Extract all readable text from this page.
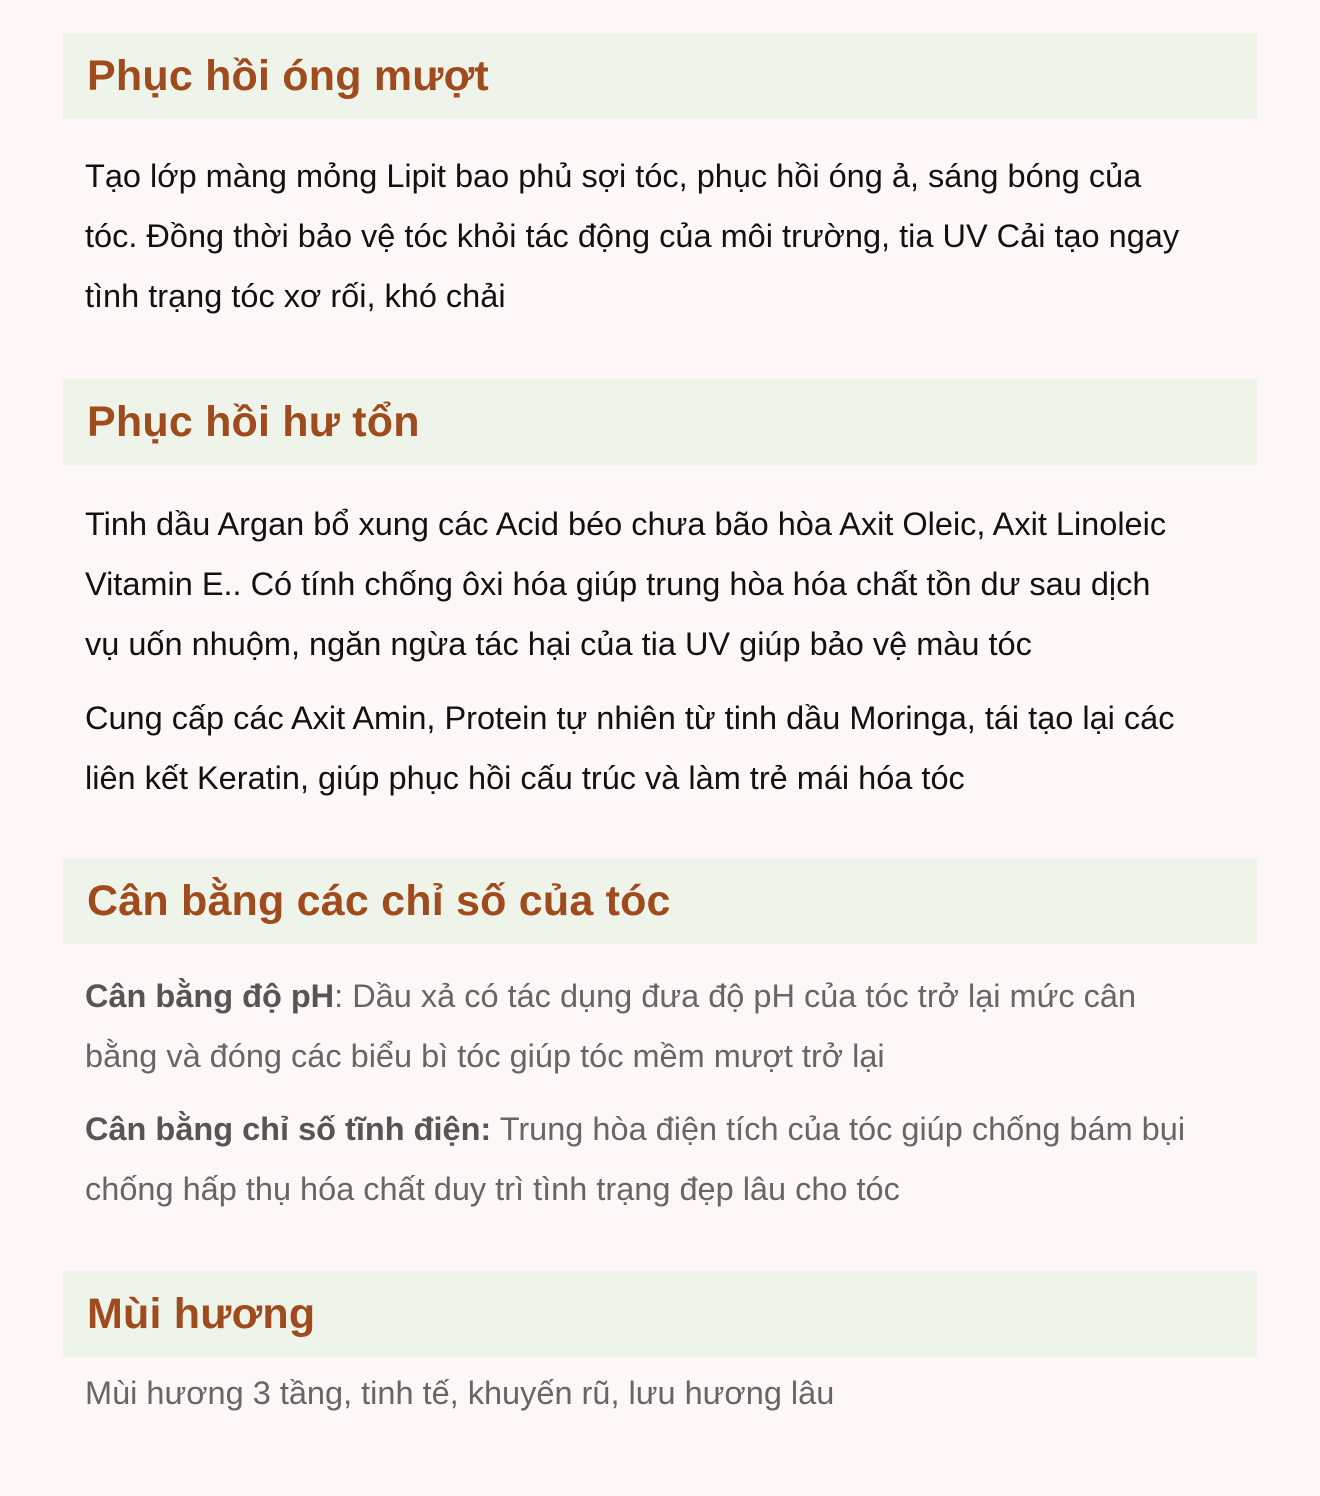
Phục hồi óng mượt

Tạo lớp màng mỏng Lipit bao phủ sợi tóc, phục hồi óng ả, sáng bóng của
tóc. Đồng thời bảo vệ tóc khỏi tác động của môi trường, tia UV Cải tạo ngay
tình trạng tóc xơ rối, khó chải

Phục hồi hư tổn

Tinh dầu Argan bổ xung các Acid béo chưa bão hòa Axit Oleic, Axit Linoleic
Vitamin E.. Có tính chống ôxi hóa giúp trung hòa hóa chất tồn dư sau dịch
vụ uốn nhuộm, ngăn ngừa tác hại của tia UV giúp bảo vệ màu tóc

Cung cấp các Axit Amin, Protein tự nhiên từ tinh dầu Moringa, tái tạo lại các
liên kết Keratin, giúp phục hồi cấu trúc và làm trẻ mái hóa tóc

Cân bằng các chỉ số của tóc

Cân bằng độ pH: Dầu xả có tác dụng đưa độ pH của tóc trở lại mức cân
bằng và đóng các biểu bì tóc giúp tóc mềm mượt trở lại

Cân bằng chỉ số tĩnh điện: Trung hòa điện tích của tóc giúp chống bám bụi
chống hấp thụ hóa chất duy trì tình trạng đẹp lâu cho tóc

Mùi hương

Mùi hương 3 tầng, tinh tế, khuyến rũ, lưu hương lâu
